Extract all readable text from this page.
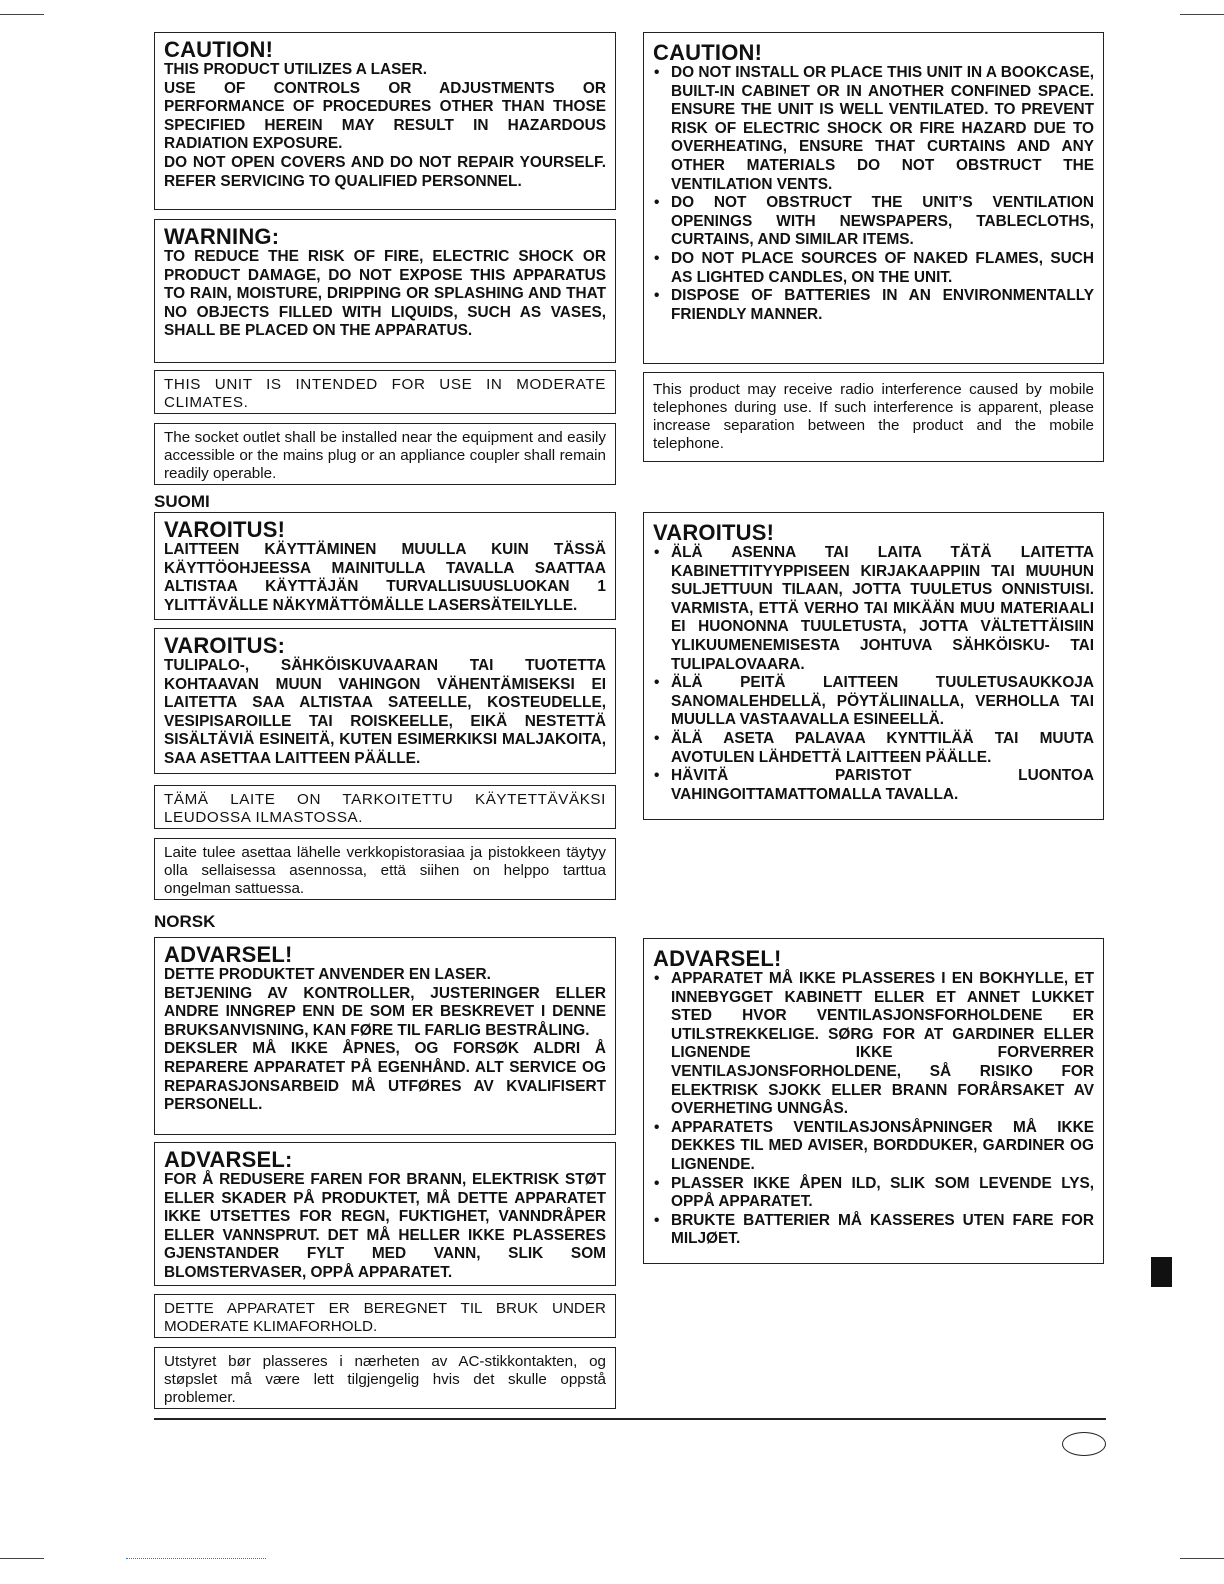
CAUTION!

THIS PRODUCT UTILIZES A LASER.

USE OF CONTROLS OR ADJUSTMENTS OR PERFORMANCE OF PROCEDURES OTHER THAN THOSE SPECIFIED HEREIN MAY RESULT IN HAZARDOUS RADIATION EXPOSURE.

DO NOT OPEN COVERS AND DO NOT REPAIR YOURSELF. REFER SERVICING TO QUALIFIED PERSONNEL.

WARNING:

TO REDUCE THE RISK OF FIRE, ELECTRIC SHOCK OR PRODUCT DAMAGE, DO NOT EXPOSE THIS APPARATUS TO RAIN, MOISTURE, DRIPPING OR SPLASHING AND THAT NO OBJECTS FILLED WITH LIQUIDS, SUCH AS VASES, SHALL BE PLACED ON THE APPARATUS.

THIS UNIT IS INTENDED FOR USE IN MODERATE CLIMATES.

The socket outlet shall be installed near the equipment and easily accessible or the mains plug or an appliance coupler shall remain readily operable.

CAUTION!
• DO NOT INSTALL OR PLACE THIS UNIT IN A BOOKCASE, BUILT-IN CABINET OR IN ANOTHER CONFINED SPACE. ENSURE THE UNIT IS WELL VENTILATED. TO PREVENT RISK OF ELECTRIC SHOCK OR FIRE HAZARD DUE TO OVERHEATING, ENSURE THAT CURTAINS AND ANY OTHER MATERIALS DO NOT OBSTRUCT THE VENTILATION VENTS.
• DO NOT OBSTRUCT THE UNIT’S VENTILATION OPENINGS WITH NEWSPAPERS, TABLECLOTHS, CURTAINS, AND SIMILAR ITEMS.
• DO NOT PLACE SOURCES OF NAKED FLAMES, SUCH AS LIGHTED CANDLES, ON THE UNIT.
• DISPOSE OF BATTERIES IN AN ENVIRONMENTALLY FRIENDLY MANNER.

This product may receive radio interference caused by mobile telephones during use. If such interference is apparent, please increase separation between the product and the mobile telephone.

SUOMI
VAROITUS!

LAITTEEN KÄYTTÄMINEN MUULLA KUIN TÄSSÄ KÄYTTÖOHJEESSA MAINITULLA TAVALLA SAATTAA ALTISTAA KÄYTTÄJÄN TURVALLISUUSLUOKAN 1 YLITTÄVÄLLE NÄKYMÄTTÖMÄLLE LASERSÄTEILYLLE.

VAROITUS:

TULIPALO-, SÄHKÖISKUVAARAN TAI TUOTETTA KOHTAAVAN MUUN VAHINGON VÄHENTÄMISEKSI EI LAITETTA SAA ALTISTAA SATEELLE, KOSTEUDELLE, VESIPISAROILLE TAI ROISKEELLE, EIKÄ NESTETTÄ SISÄLTÄVIÄ ESINEITÄ, KUTEN ESIMERKIKSI MALJAKOITA, SAA ASETTAA LAITTEEN PÄÄLLE.

TÄMÄ LAITE ON TARKOITETTU KÄYTETTÄVÄKSI LEUDOSSA ILMASTOSSA.

Laite tulee asettaa lähelle verkkopistorasiaa ja pistokkeen täytyy olla sellaisessa asennossa, että siihen on helppo tarttua ongelman sattuessa.

VAROITUS!
• ÄLÄ ASENNA TAI LAITA TÄTÄ LAITETTA KABINETTITYYPPISEEN KIRJAKAAPPIIN TAI MUUHUN SULJETTUUN TILAAN, JOTTA TUULETUS ONNISTUISI. VARMISTA, ETTÄ VERHO TAI MIKÄÄN MUU MATERIAALI EI HUONONNA TUULETUSTA, JOTTA VÄLTETTÄISIIN YLIKUUMENEMISESTA JOHTUVA SÄHKÖISKU- TAI TULIPALOVAARA.
• ÄLÄ PEITÄ LAITTEEN TUULETUSAUKKOJA SANOMALEHDELLÄ, PÖYTÄLIINALLA, VERHOLLA TAI MUULLA VASTAAVALLA ESINEELLÄ.
• ÄLÄ ASETA PALAVAA KYNTTILÄÄ TAI MUUTA AVOTULEN LÄHDETTÄ LAITTEEN PÄÄLLE.
• HÄVITÄ PARISTOT LUONTOA VAHINGOITTAMATTOMALLA TAVALLA.
NORSK
ADVARSEL!

DETTE PRODUKTET ANVENDER EN LASER.

BETJENING AV KONTROLLER, JUSTERINGER ELLER ANDRE INNGREP ENN DE SOM ER BESKREVET I DENNE BRUKSANVISNING, KAN FØRE TIL FARLIG BESTRÅLING.

DEKSLER MÅ IKKE ÅPNES, OG FORSØK ALDRI Å REPARERE APPARATET PÅ EGENHÅND. ALT SERVICE OG REPARASJONSARBEID MÅ UTFØRES AV KVALIFISERT PERSONELL.

ADVARSEL:

FOR Å REDUSERE FAREN FOR BRANN, ELEKTRISK STØT ELLER SKADER PÅ PRODUKTET, MÅ DETTE APPARATET IKKE UTSETTES FOR REGN, FUKTIGHET, VANNDRÅPER ELLER VANNSPRUT. DET MÅ HELLER IKKE PLASSERES GJENSTANDER FYLT MED VANN, SLIK SOM BLOMSTERVASER, OPPÅ APPARATET.

DETTE APPARATET ER BEREGNET TIL BRUK UNDER MODERATE KLIMAFORHOLD.

Utstyret bør plasseres i nærheten av AC-stikkontakten, og støpslet må være lett tilgjengelig hvis det skulle oppstå problemer.

ADVARSEL!
• APPARATET MÅ IKKE PLASSERES I EN BOKHYLLE, ET INNEBYGGET KABINETT ELLER ET ANNET LUKKET STED HVOR VENTILASJONSFORHOLDENE ER UTILSTREKKELIGE. SØRG FOR AT GARDINER ELLER LIGNENDE IKKE FORVERRER VENTILASJONSFORHOLDENE, SÅ RISIKO FOR ELEKTRISK SJOKK ELLER BRANN FORÅRSAKET AV OVERHETING UNNGÅS.
• APPARATETS VENTILASJONSÅPNINGER MÅ IKKE DEKKES TIL MED AVISER, BORDDUKER, GARDINER OG LIGNENDE.
• PLASSER IKKE ÅPEN ILD, SLIK SOM LEVENDE LYS, OPPÅ APPARATET.
• BRUKTE BATTERIER MÅ KASSERES UTEN FARE FOR MILJØET.
